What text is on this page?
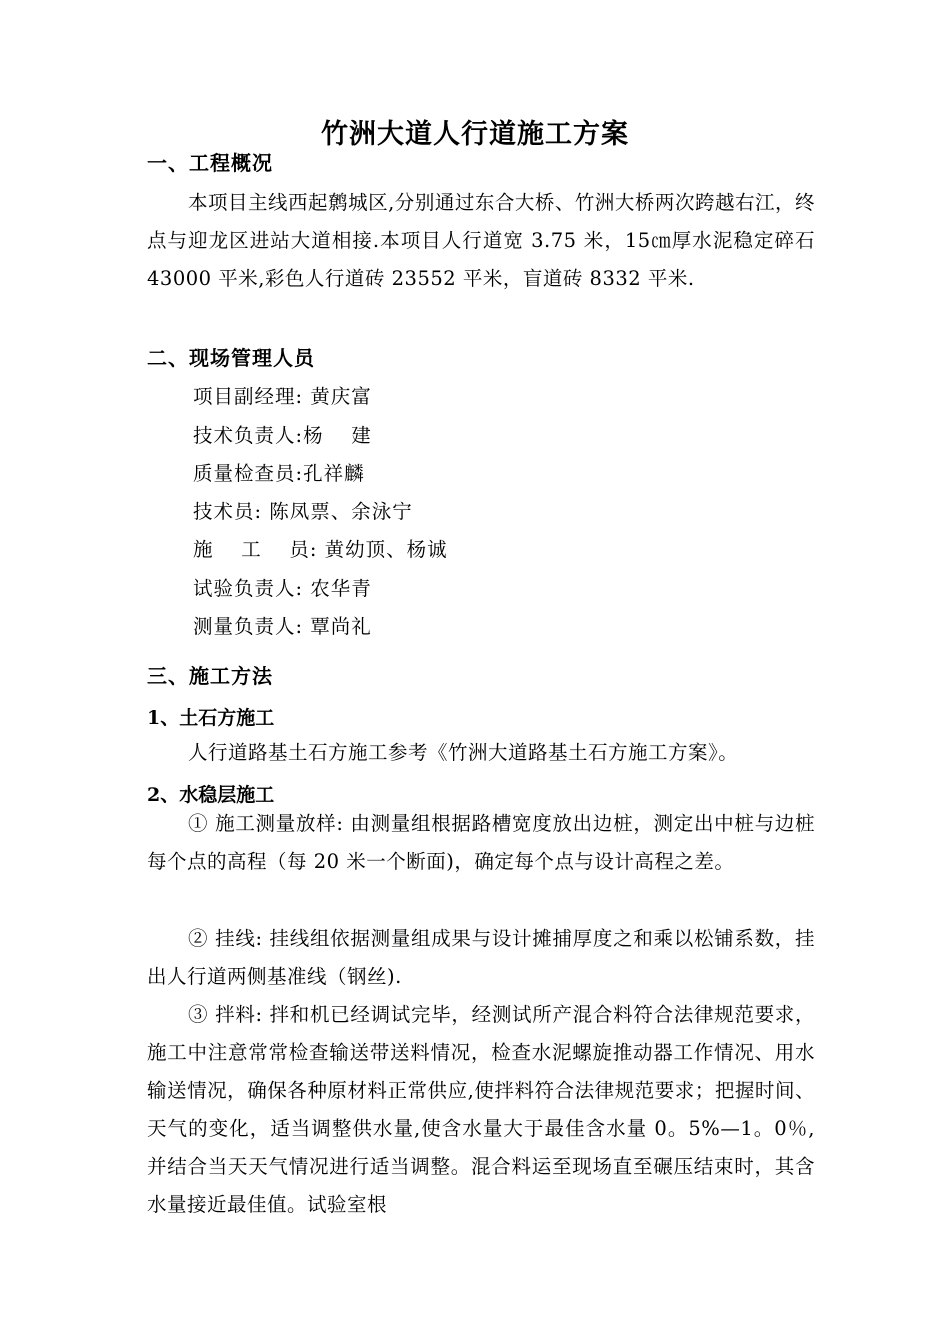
竹洲大道人行道施工方案
一、工程概况

本项目主线西起鹩城区,分别通过东合大桥、竹洲大桥两次跨越右江，终点与迎龙区进站大道相接.本项目人行道宽 3.75 米，15㎝厚水泥稳定碎石 43000 平米,彩色人行道砖 23552 平米，盲道砖 8332 平米.

二、现场管理人员
项目副经理: 黄庆富
技术负责人:杨　 建
质量检查员:孔祥麟
技术员: 陈凤票、余泳宁
施　 工　 员: 黄幼顶、杨诚
试验负责人: 农华青
测量负责人: 覃尚礼
三、施工方法
1、土石方施工

人行道路基土石方施工参考《竹洲大道路基土石方施工方案》。

2、水稳层施工

① 施工测量放样: 由测量组根据路槽宽度放出边桩，测定出中桩与边桩每个点的高程（每 20 米一个断面)，确定每个点与设计高程之差。

② 挂线: 挂线组依据测量组成果与设计摊捕厚度之和乘以松铺系数，挂出人行道两侧基准线（钢丝).

③ 拌料: 拌和机已经调试完毕，经测试所产混合料符合法律规范要求，施工中注意常常检查输送带送料情况，检查水泥螺旋推动器工作情况、用水输送情况，确保各种原材料正常供应,使拌料符合法律规范要求；把握时间、天气的变化，适当调整供水量,使含水量大于最佳含水量 0。5%—1。0％,并结合当天天气情况进行适当调整。混合料运至现场直至碾压结束时，其含水量接近最佳值。试验室根
